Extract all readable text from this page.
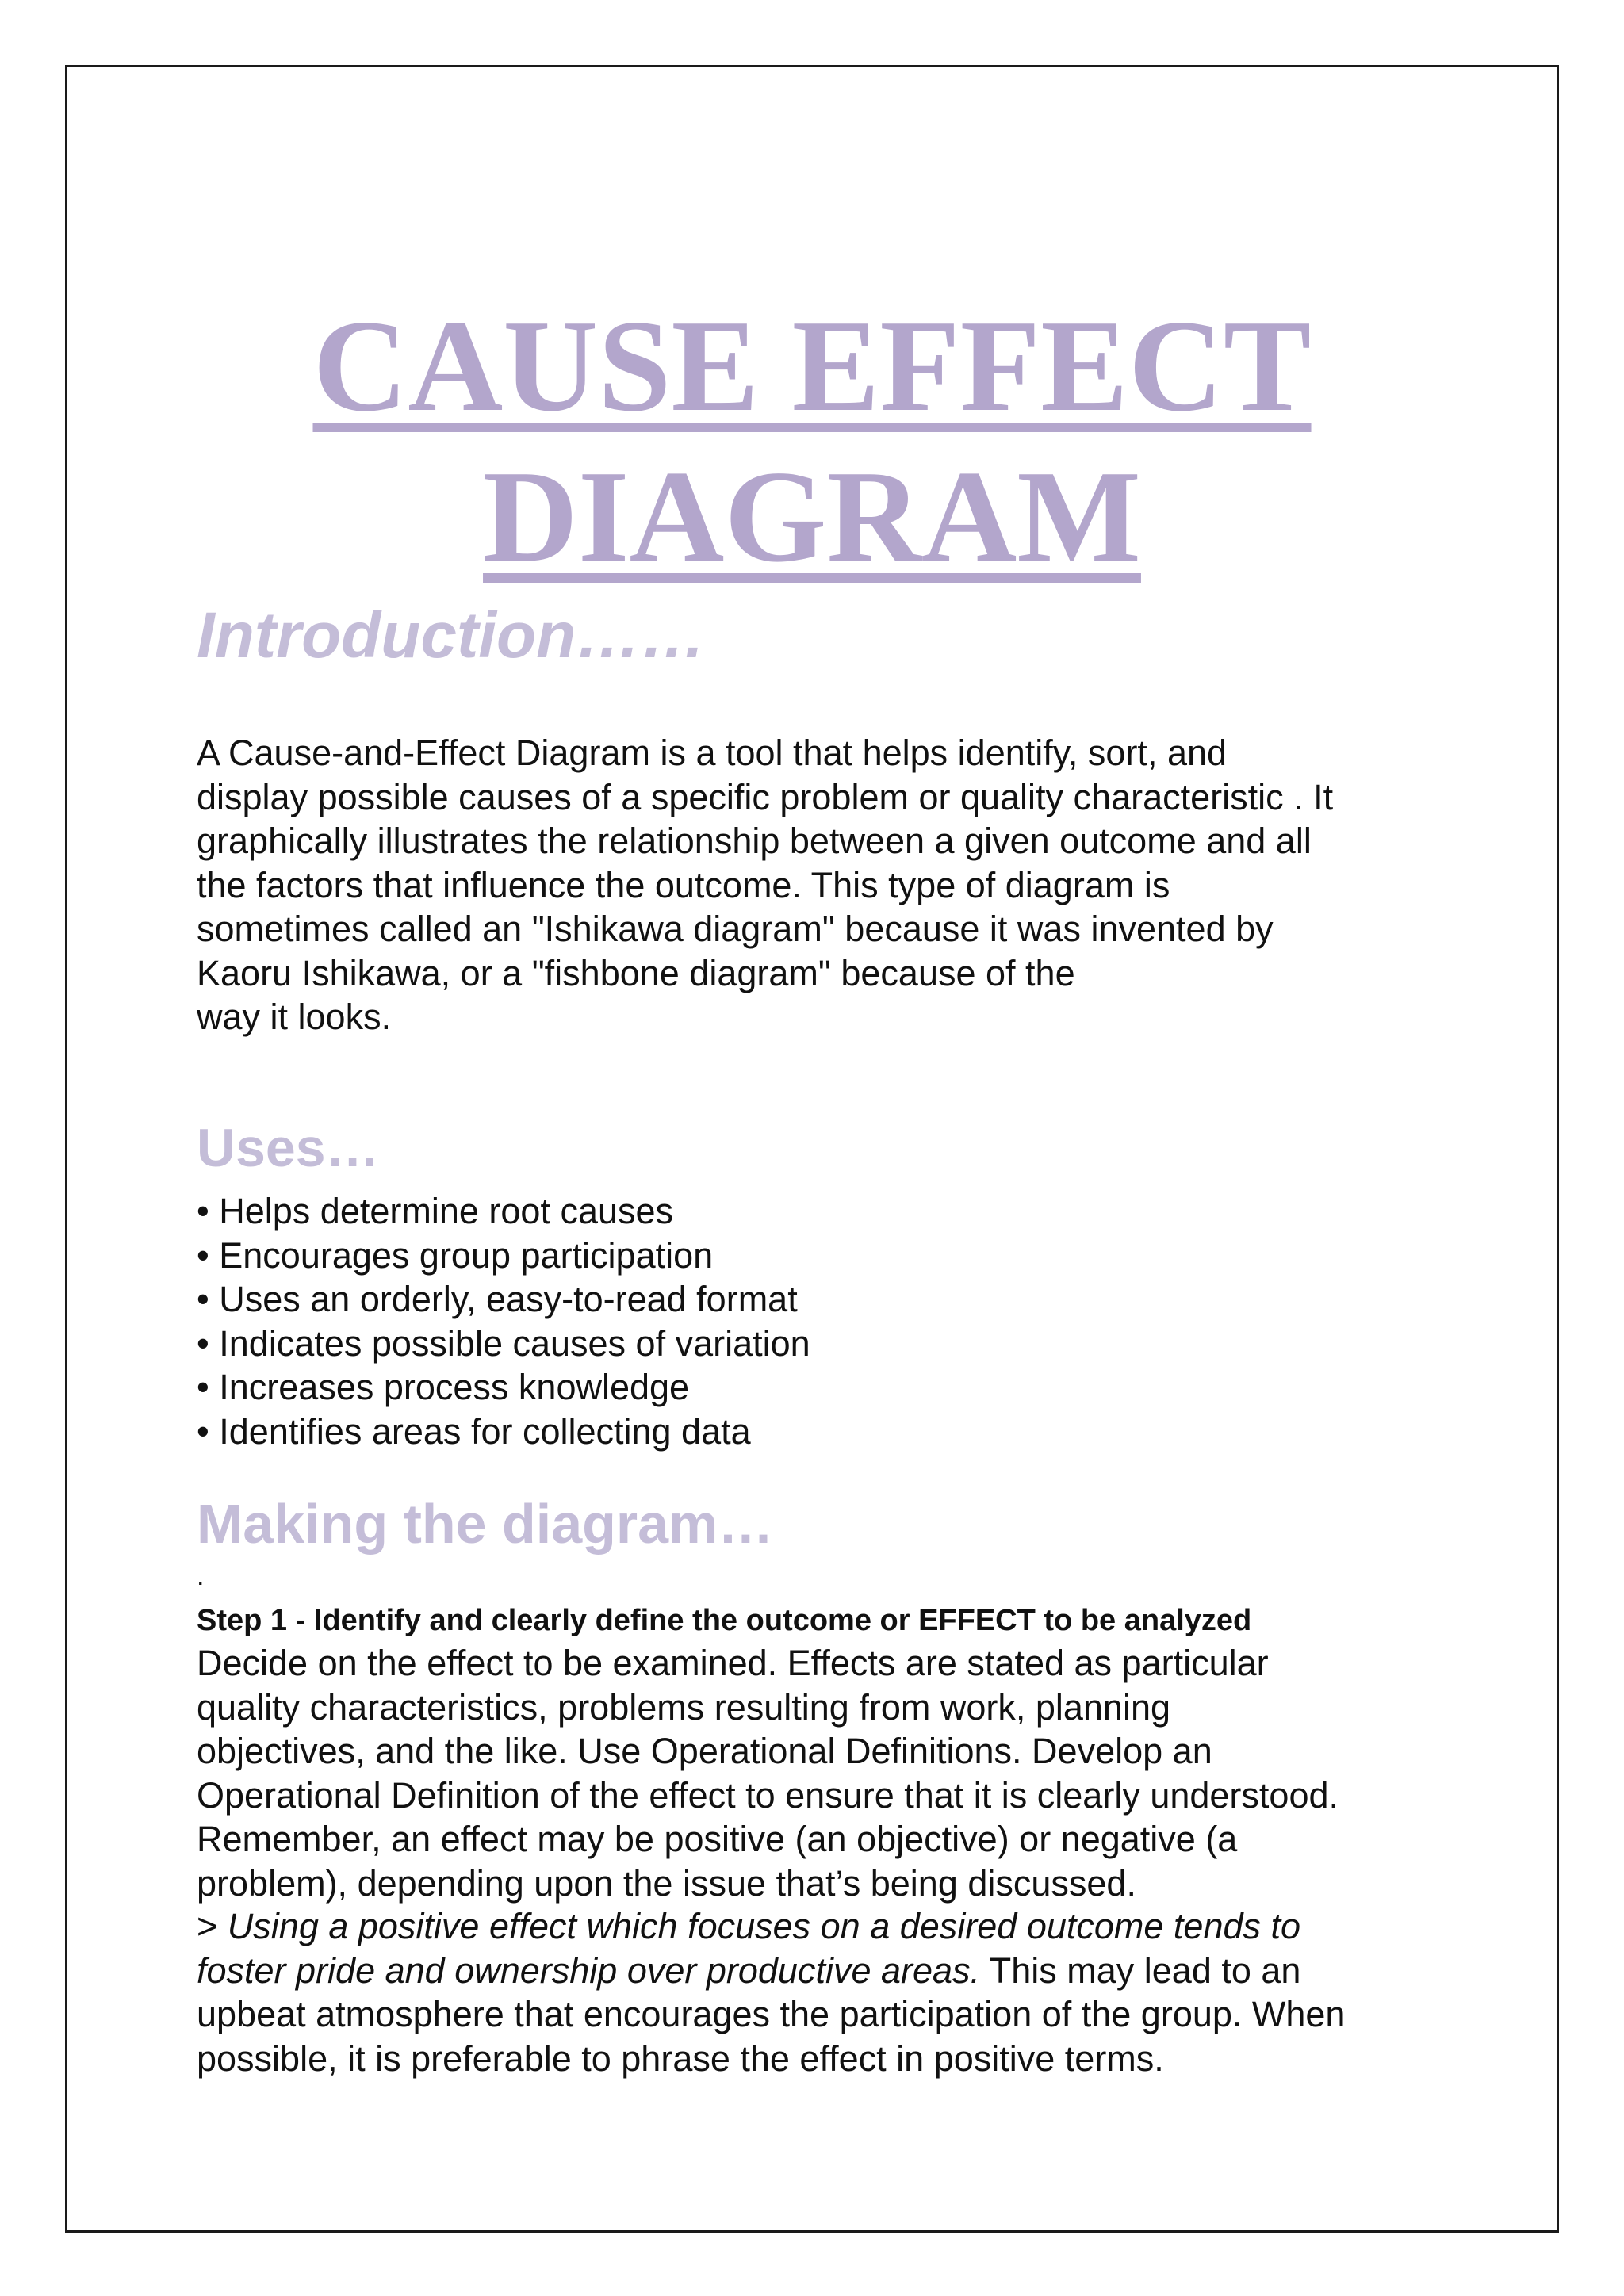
CAUSE EFFECT
DIAGRAM
Introduction……

A Cause-and-Effect Diagram is a tool that helps identify, sort, and
display possible causes of a specific problem or quality characteristic . It
graphically illustrates the relationship between a given outcome and all
the factors that influence the outcome. This type of diagram is
sometimes called an "Ishikawa diagram" because it was invented by
Kaoru Ishikawa, or a "fishbone diagram" because of the
way it looks.

Uses…
• Helps determine root causes
• Encourages group participation
• Uses an orderly, easy-to-read format
• Indicates possible causes of variation
• Increases process knowledge
• Identifies areas for collecting data
Making the diagram…

.

Step 1 - Identify and clearly define the outcome or EFFECT to be analyzed

Decide on the effect to be examined. Effects are stated as particular
quality characteristics, problems resulting from work, planning
objectives, and the like. Use Operational Definitions. Develop an
Operational Definition of the effect to ensure that it is clearly understood.
Remember, an effect may be positive (an objective) or negative (a
problem), depending upon the issue that’s being discussed.

> Using a positive effect which focuses on a desired outcome tends to
foster pride and ownership over productive areas. This may lead to an
upbeat atmosphere that encourages the participation of the group. When
possible, it is preferable to phrase the effect in positive terms.
